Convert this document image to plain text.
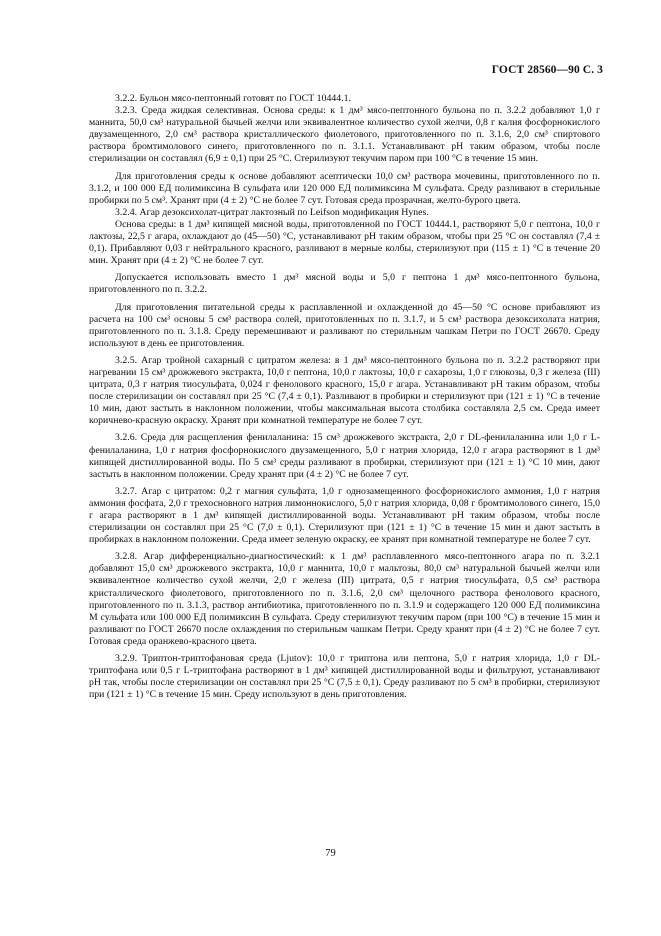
ГОСТ 28560—90 С. 3

3.2.2. Бульон мясо-пептонный готовят по ГОСТ 10444.1.

3.2.3. Среда жидкая селективная. Основа среды: к 1 дм³ мясо-пептонного бульона по п. 3.2.2 добавляют 1,0 г маннита, 50,0 см³ натуральной бычьей желчи или эквивалентное количество сухой желчи, 0,8 г калия фосфорнокислого двузамещенного, 2,0 см³ раствора кристаллического фиолетового, приготовленного по п. 3.1.6, 2,0 см³ спиртового раствора бромтимолового синего, приготовленного по п. 3.1.1. Устанавливают pH таким образом, чтобы после стерилизации он составлял (6,9 ± 0,1) при 25 °С. Стерилизуют текучим паром при 100 °С в течение 15 мин.

Для приготовления среды к основе добавляют асептически 10,0 см³ раствора мочевины, приготовленного по п. 3.1.2, и 100 000 ЕД полимиксина В сульфата или 120 000 ЕД полимиксина М сульфата. Среду разливают в стерильные пробирки по 5 см³. Хранят при (4 ± 2) °С не более 7 сут. Готовая среда прозрачная, желто-бурого цвета.

3.2.4. Агар дезоксихолат-цитрат лактозный по Leifson модификация Hynes.

Основа среды: в 1 дм³ кипящей мясной воды, приготовленной по ГОСТ 10444.1, растворяют 5,0 г пептона, 10,0 г лактозы, 22,5 г агара, охлаждают до (45—50) °С, устанавливают pH таким образом, чтобы при 25 °С он составлял (7,4 ± 0,1). Прибавляют 0,03 г нейтрального красного, разливают в мерные колбы, стерилизуют при (115 ± 1) °С в течение 20 мин. Хранят при (4 ± 2) °С не более 7 сут.

Допускается использовать вместо 1 дм³ мясной воды и 5,0 г пептона 1 дм³ мясо-пептонного бульона, приготовленного по п. 3.2.2.

Для приготовления питательной среды к расплавленной и охлажденной до 45—50 °С основе прибавляют из расчета на 100 см³ основы 5 см³ раствора солей, приготовленных по п. 3.1.7, и 5 см³ раствора дезоксихолата натрия, приготовленного по п. 3.1.8. Среду перемешивают и разливают по стерильным чашкам Петри по ГОСТ 26670. Среду используют в день ее приготовления.

3.2.5. Агар тройной сахарный с цитратом железа: в 1 дм³ мясо-пептонного бульона по п. 3.2.2 растворяют при нагревании 15 см³ дрожжевого экстракта, 10,0 г пептона, 10,0 г лактозы, 10,0 г сахарозы, 1,0 г глюкозы, 0,3 г железа (III) цитрата, 0,3 г натрия тиосульфата, 0,024 г фенолового красного, 15,0 г агара. Устанавливают pH таким образом, чтобы после стерилизации он составлял при 25 °С (7,4 ± 0,1). Разливают в пробирки и стерилизуют при (121 ± 1) °С в течение 10 мин, дают застыть в наклонном положении, чтобы максимальная высота столбика составляла 2,5 см. Среда имеет коричнево-красную окраску. Хранят при комнатной температуре не более 7 сут.

3.2.6. Среда для расщепления фенилаланина: 15 см³ дрожжевого экстракта, 2,0 г DL-фенилаланина или 1,0 г L-фенилаланина, 1,0 г натрия фосфорнокислого двузамещенного, 5,0 г натрия хлорида, 12,0 г агара растворяют в 1 дм³ кипящей дистиллированной воды. По 5 см³ среды разливают в пробирки, стерилизуют при (121 ± 1) °С 10 мин, дают застыть в наклонном положении. Среду хранят при (4 ± 2) °С не более 7 сут.

3.2.7. Агар с цитратом: 0,2 г магния сульфата, 1,0 г однозамещенного фосфорнокислого аммония, 1,0 г натрия аммония фосфата, 2,0 г трехосновного натрия лимоннокислого, 5,0 г натрия хлорида, 0,08 г бромтимолового синего, 15,0 г агара растворяют в 1 дм³ кипящей дистиллированной воды. Устанавливают pH таким образом, чтобы после стерилизации он составлял при 25 °С (7,0 ± 0,1). Стерилизуют при (121 ± 1) °С в течение 15 мин и дают застыть в пробирках в наклонном положении. Среда имеет зеленую окраску, ее хранят при комнатной температуре не более 7 сут.

3.2.8. Агар дифференциально-диагностический: к 1 дм³ расплавленного мясо-пептонного агара по п. 3.2.1 добавляют 15,0 см³ дрожжевого экстракта, 10,0 г маннита, 10,0 г мальтозы, 80,0 см³ натуральной бычьей желчи или эквивалентное количество сухой желчи, 2,0 г железа (III) цитрата, 0,5 г натрия тиосульфата, 0,5 см³ раствора кристаллического фиолетового, приготовленного по п. 3.1.6, 2,0 см³ щелочного раствора фенолового красного, приготовленного по п. 3.1.3, раствор антибиотика, приготовленного по п. 3.1.9 и содержащего 120 000 ЕД полимиксина М сульфата или 100 000 ЕД полимиксин В сульфата. Среду стерилизуют текучим паром (при 100 °С) в течение 15 мин и разливают по ГОСТ 26670 после охлаждения по стерильным чашкам Петри. Среду хранят при (4 ± 2) °С не более 7 сут. Готовая среда оранжево-красного цвета.

3.2.9. Триптон-триптофановая среда (Ljutov): 10,0 г триптона или пептона, 5,0 г натрия хлорида, 1,0 г DL-триптофана или 0,5 г L-триптофана растворяют в 1 дм³ кипящей дистиллированной воды и фильтруют, устанавливают pH так, чтобы после стерилизации он составлял при 25 °С (7,5 ± 0,1). Среду разливают по 5 см³ в пробирки, стерилизуют при (121 ± 1) °С в течение 15 мин. Среду используют в день приготовления.

79
